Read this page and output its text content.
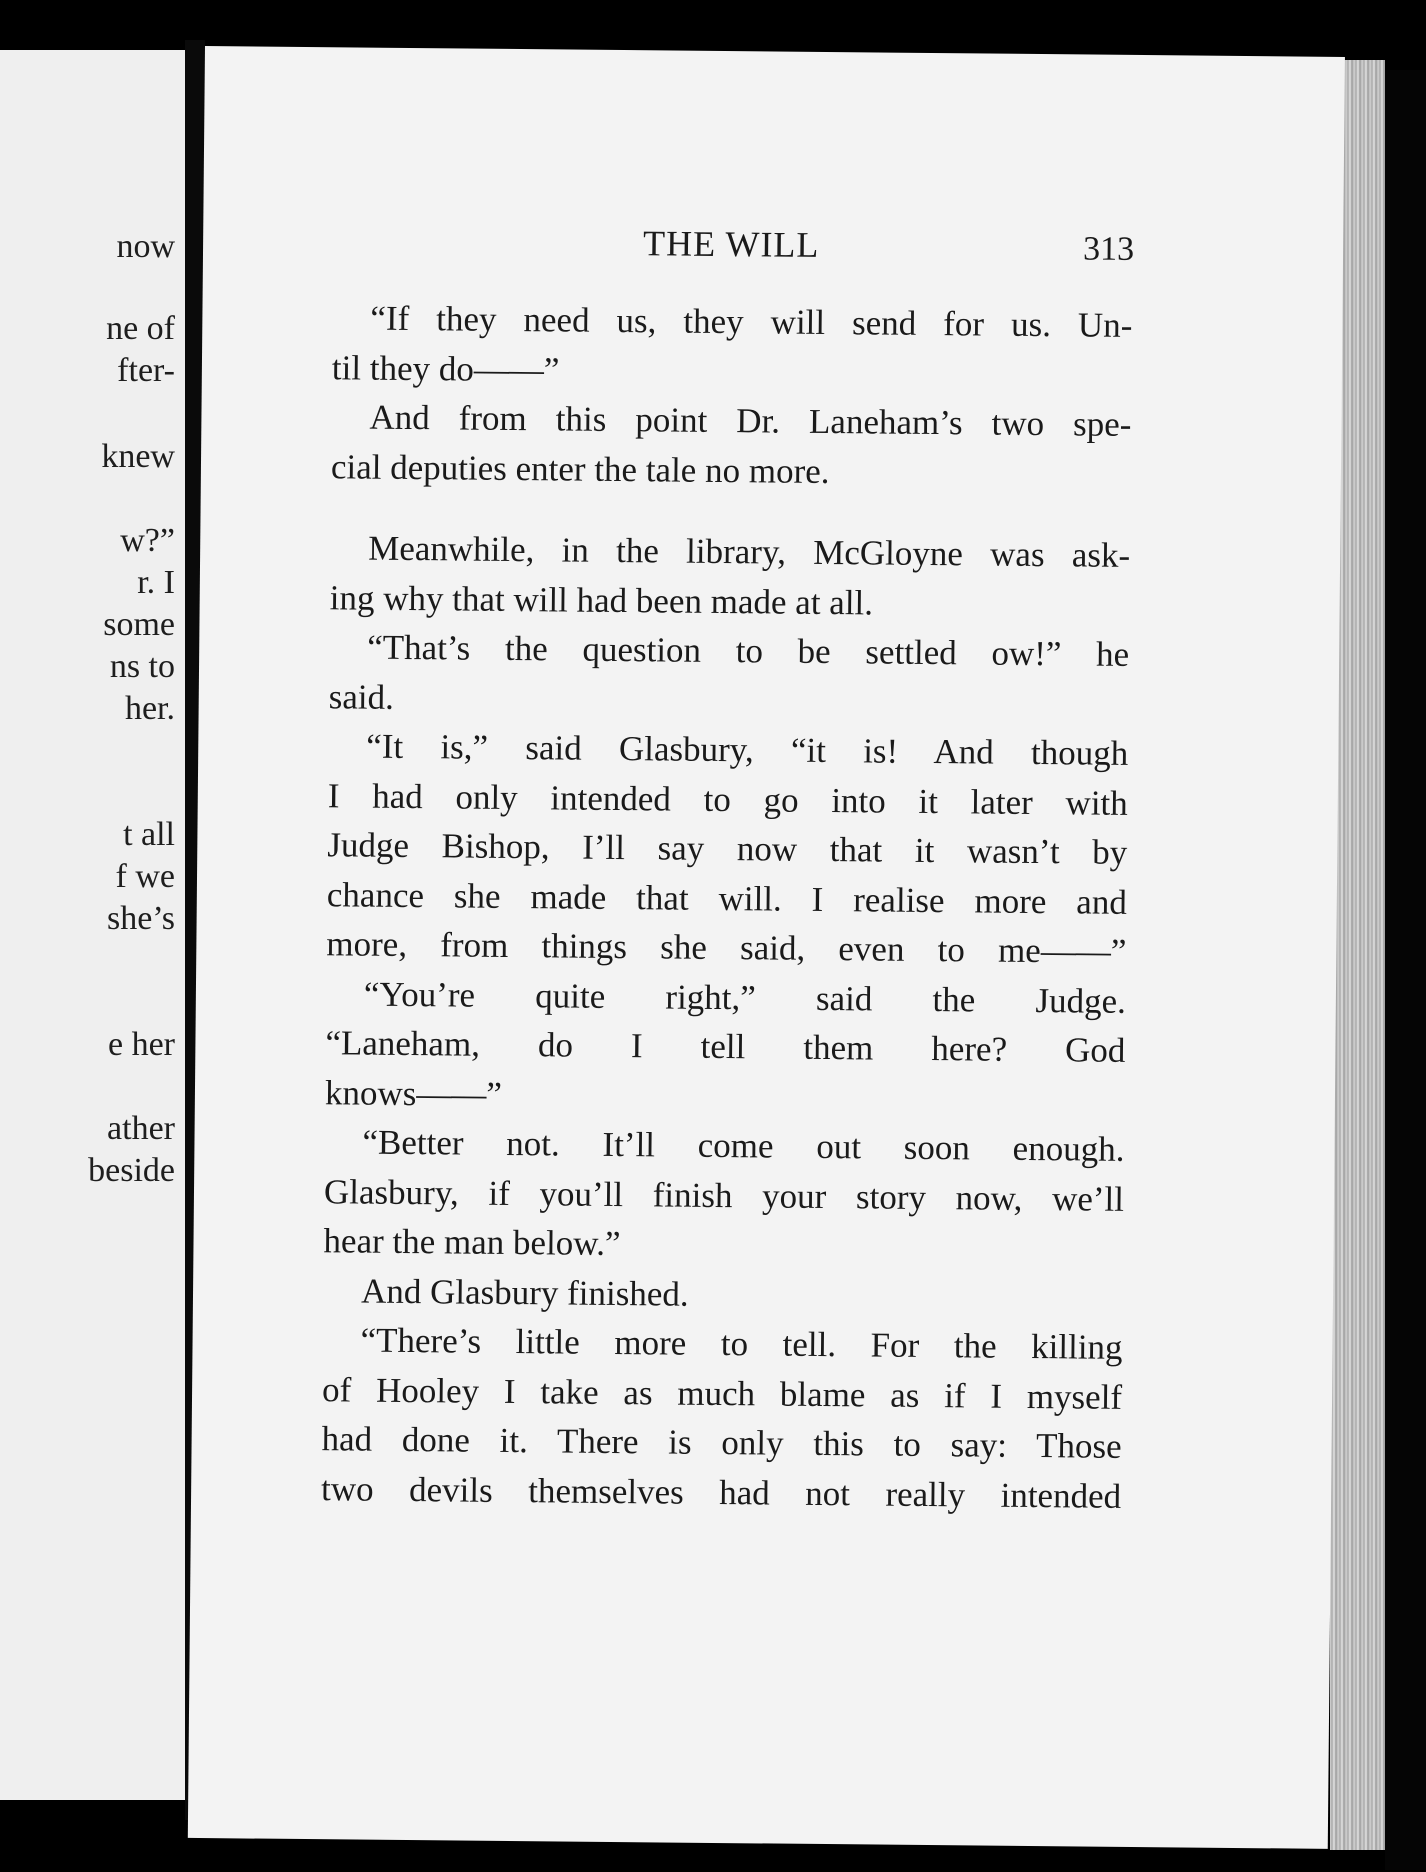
now
ne of
fter-
knew
w?”
r. I
some
ns to
her.
t all
f we
she’s
e her
ather
beside
THE WILL	313
“If they need us, they will send for us. Un-
til they do——”
And from this point Dr. Laneham’s two spe-
cial deputies enter the tale no more.
Meanwhile, in the library, McGloyne was ask-
ing why that will had been made at all.
“That’s the question to be settled ow!” he
said.
“It is,” said Glasbury, “it is! And though
I had only intended to go into it later with
Judge Bishop, I’ll say now that it wasn’t by
chance she made that will. I realise more and
more, from things she said, even to me——”
“You’re quite right,” said the Judge.
“Laneham, do I tell them here? God
knows——”
“Better not. It’ll come out soon enough.
Glasbury, if you’ll finish your story now, we’ll
hear the man below.”
And Glasbury finished.
“There’s little more to tell. For the killing
of Hooley I take as much blame as if I myself
had done it. There is only this to say: Those
two devils themselves had not really intended
